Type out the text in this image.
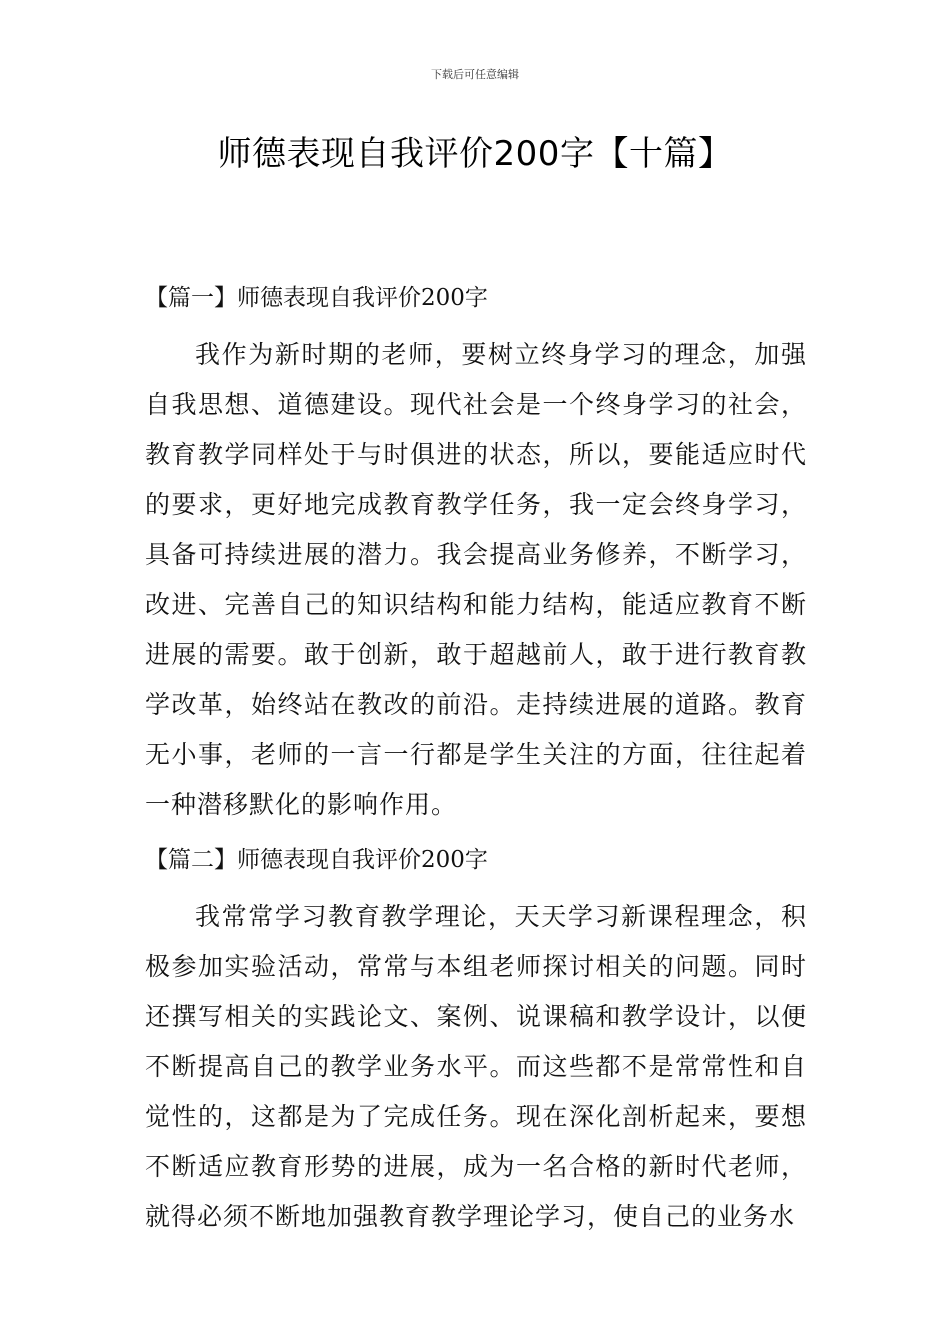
下载后可任意编辑
师德表现自我评价200字【十篇】
【篇一】师德表现自我评价200字

我作为新时期的老师，要树立终身学习的理念，加强自我思想、道德建设。现代社会是一个终身学习的社会，教育教学同样处于与时俱进的状态，所以，要能适应时代的要求，更好地完成教育教学任务，我一定会终身学习，具备可持续进展的潜力。我会提高业务修养，不断学习，改进、完善自己的知识结构和能力结构，能适应教育不断进展的需要。敢于创新，敢于超越前人，敢于进行教育教学改革，始终站在教改的前沿。走持续进展的道路。教育无小事，老师的一言一行都是学生关注的方面，往往起着一种潜移默化的影响作用。

【篇二】师德表现自我评价200字

我常常学习教育教学理论，天天学习新课程理念，积极参加实验活动，常常与本组老师探讨相关的问题。同时还撰写相关的实践论文、案例、说课稿和教学设计，以便不断提高自己的教学业务水平。而这些都不是常常性和自觉性的，这都是为了完成任务。现在深化剖析起来，要想不断适应教育形势的进展，成为一名合格的新时代老师，就得必须不断地加强教育教学理论学习，使自己的业务水
